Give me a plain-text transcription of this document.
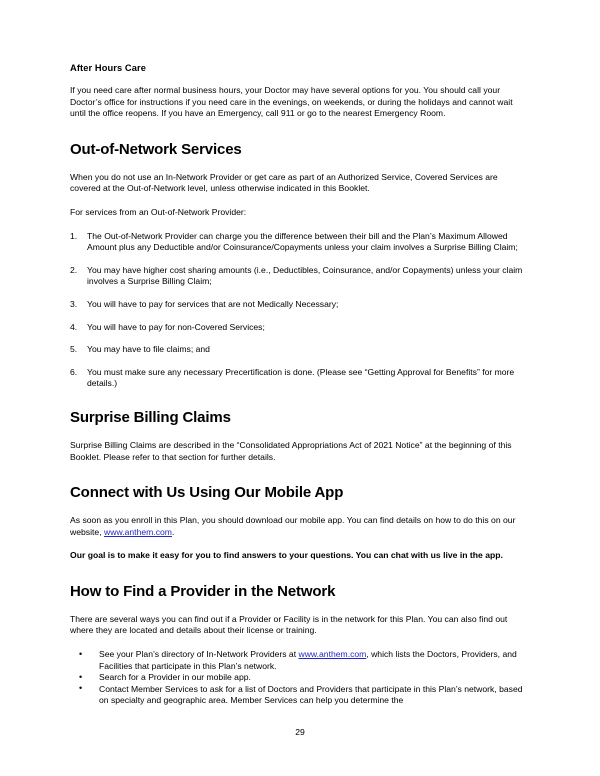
After Hours Care

If you need care after normal business hours, your Doctor may have several options for you. You should call your Doctor’s office for instructions if you need care in the evenings, on weekends, or during the holidays and cannot wait until the office reopens. If you have an Emergency, call 911 or go to the nearest Emergency Room.

Out-of-Network Services

When you do not use an In-Network Provider or get care as part of an Authorized Service, Covered Services are covered at the Out-of-Network level, unless otherwise indicated in this Booklet.

For services from an Out-of-Network Provider:

1.	The Out-of-Network Provider can charge you the difference between their bill and the Plan’s Maximum Allowed Amount plus any Deductible and/or Coinsurance/Copayments unless your claim involves a Surprise Billing Claim;
2.	You may have higher cost sharing amounts (i.e., Deductibles, Coinsurance, and/or Copayments) unless your claim involves a Surprise Billing Claim;
3.	You will have to pay for services that are not Medically Necessary;
4.	You will have to pay for non-Covered Services;
5.	You may have to file claims; and
6.	You must make sure any necessary Precertification is done. (Please see “Getting Approval for Benefits” for more details.)
Surprise Billing Claims

Surprise Billing Claims are described in the “Consolidated Appropriations Act of 2021 Notice” at the beginning of this Booklet. Please refer to that section for further details.

Connect with Us Using Our Mobile App

As soon as you enroll in this Plan, you should download our mobile app. You can find details on how to do this on our website, www.anthem.com.

Our goal is to make it easy for you to find answers to your questions. You can chat with us live in the app.

How to Find a Provider in the Network

There are several ways you can find out if a Provider or Facility is in the network for this Plan. You can also find out where they are located and details about their license or training.

• See your Plan’s directory of In-Network Providers at www.anthem.com, which lists the Doctors, Providers, and Facilities that participate in this Plan’s network.
• Search for a Provider in our mobile app.
• Contact Member Services to ask for a list of Doctors and Providers that participate in this Plan’s network, based on specialty and geographic area. Member Services can help you determine the
29
